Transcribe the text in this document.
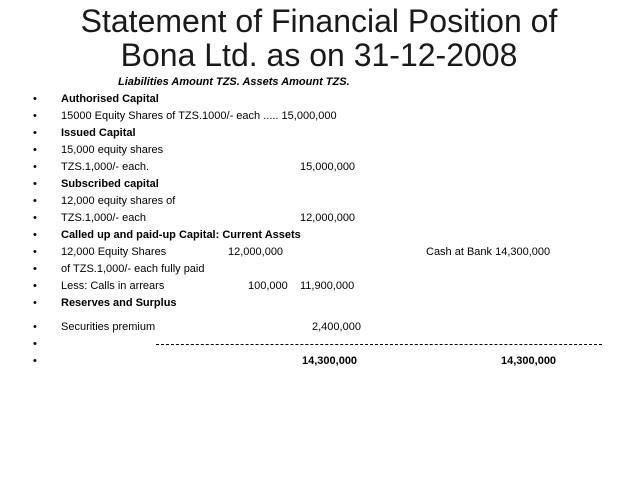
Statement of Financial Position of
Bona Ltd. as on 31-12-2008
Liabilities Amount TZS. Assets Amount TZS.
• Authorised Capital
• 15000 Equity Shares of TZS.1000/- each ..... 15,000,000
• Issued Capital
• 15,000 equity shares
• TZS.1,000/- each.	15,000,000
• Subscribed capital
• 12,000 equity shares of
• TZS.1,000/- each	12,000,000
• Called up and paid-up Capital: Current Assets
• 12,000 Equity Shares	12,000,000	Cash at Bank 14,300,000
• of TZS.1,000/- each fully paid
• Less: Calls in arrears	100,000 11,900,000
• Reserves and Surplus
• Securities premium	2,400,000
•
•	14,300,000	14,300,000
